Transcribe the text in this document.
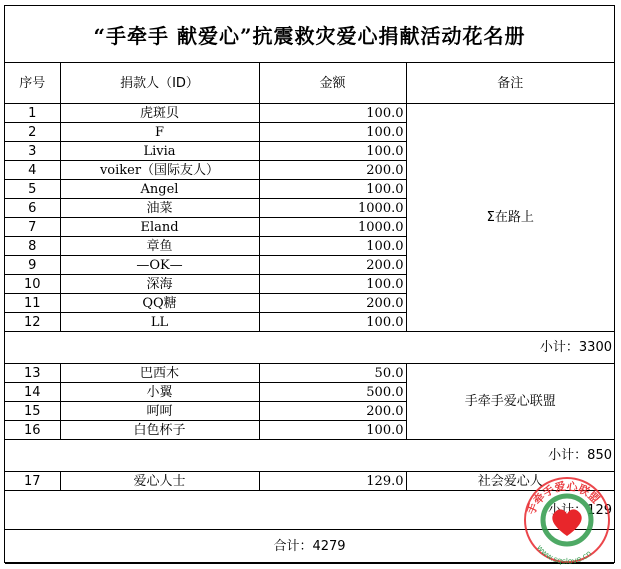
“手牵手 献爱心”抗震救灾爱心捐献活动花名册
序号	捐款人（ID）	金额	备注
1	虎斑贝	100.0	Σ在路上
2	F	100.0	
3	Livia	100.0	
4	voiker（国际友人）	200.0	
5	Angel	100.0	
6	油菜	1000.0	
7	Eland	1000.0	
8	章鱼	100.0	
9	—OK—	200.0	
10	深海	100.0	
11	QQ糖	200.0	
12	LL	100.0	
小计：3300			
13	巴西木	50.0	手牵手爱心联盟
14	小翼	500.0	
15	呵呵	200.0	
16	白色杯子	100.0	
小计：850			
17	爱心人士	129.0	社会爱心人
小计：129			
合计：4279			
手牵手爱心联盟
www.sqslove.cn
